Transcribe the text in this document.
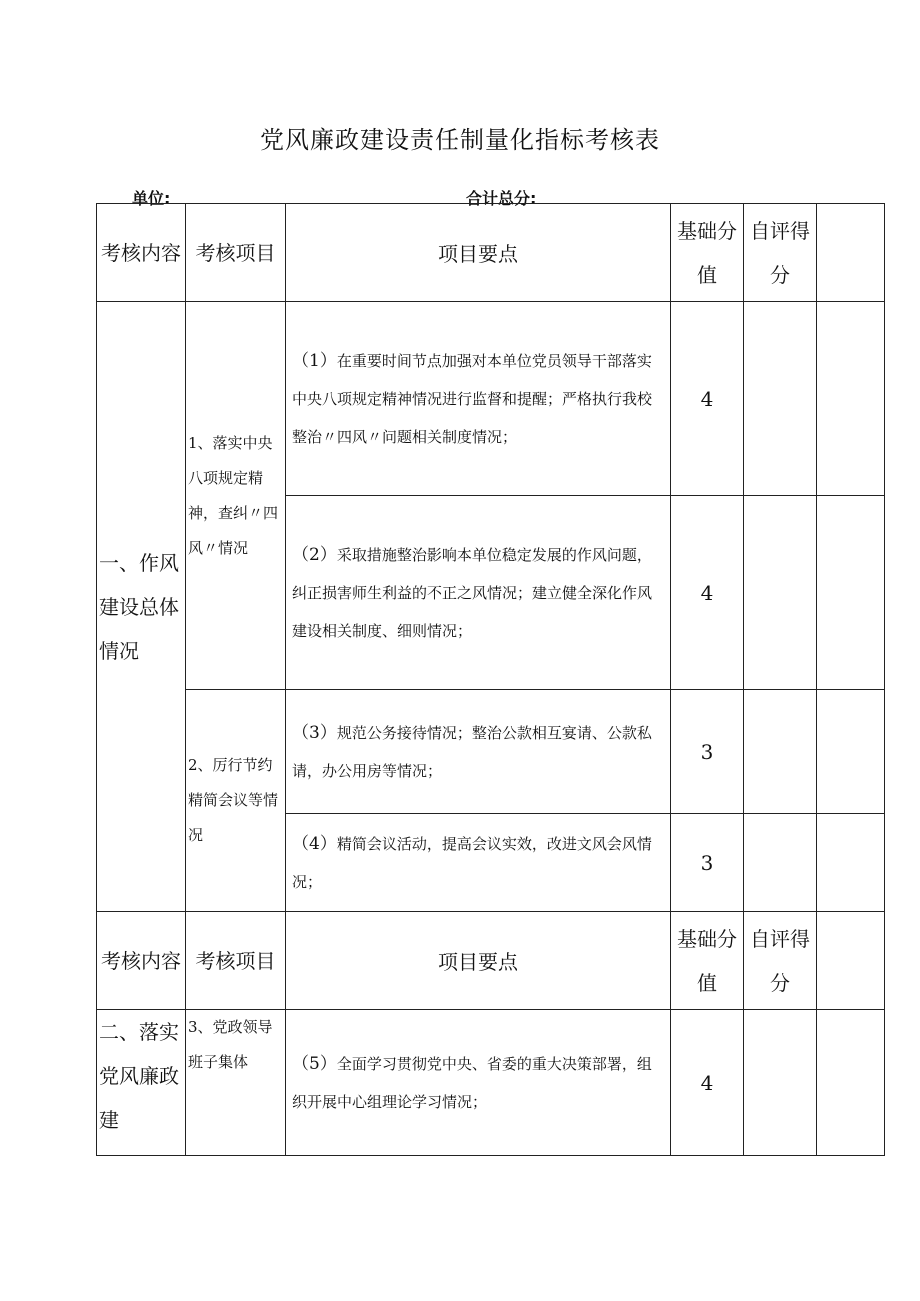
党风廉政建设责任制量化指标考核表
单位:	合计总分:
考核内容	考核项目	项目要点	基础分值	自评得分	
一、作风建设总体情况	1、落实中央八项规定精神，查纠〃四风〃情况	（1）在重要时间节点加强对本单位党员领导干部落实中央八项规定精神情况进行监督和提醒；严格执行我校整治〃四风〃问题相关制度情况；	4		
		（2）采取措施整治影响本单位稳定发展的作风问题，纠正损害师生利益的不正之风情况；建立健全深化作风建设相关制度、细则情况；	4		
	2、厉行节约精简会议等情况	（3）规范公务接待情况；整治公款相互宴请、公款私请，办公用房等情况；	3		
		（4）精简会议活动，提高会议实效，改进文风会风情况；	3		
考核内容	考核项目	项目要点	基础分值	自评得分	
二、落实党风廉政建	3、党政领导班子集体	（5）全面学习贯彻党中央、省委的重大决策部署，组织开展中心组理论学习情况；	4		
